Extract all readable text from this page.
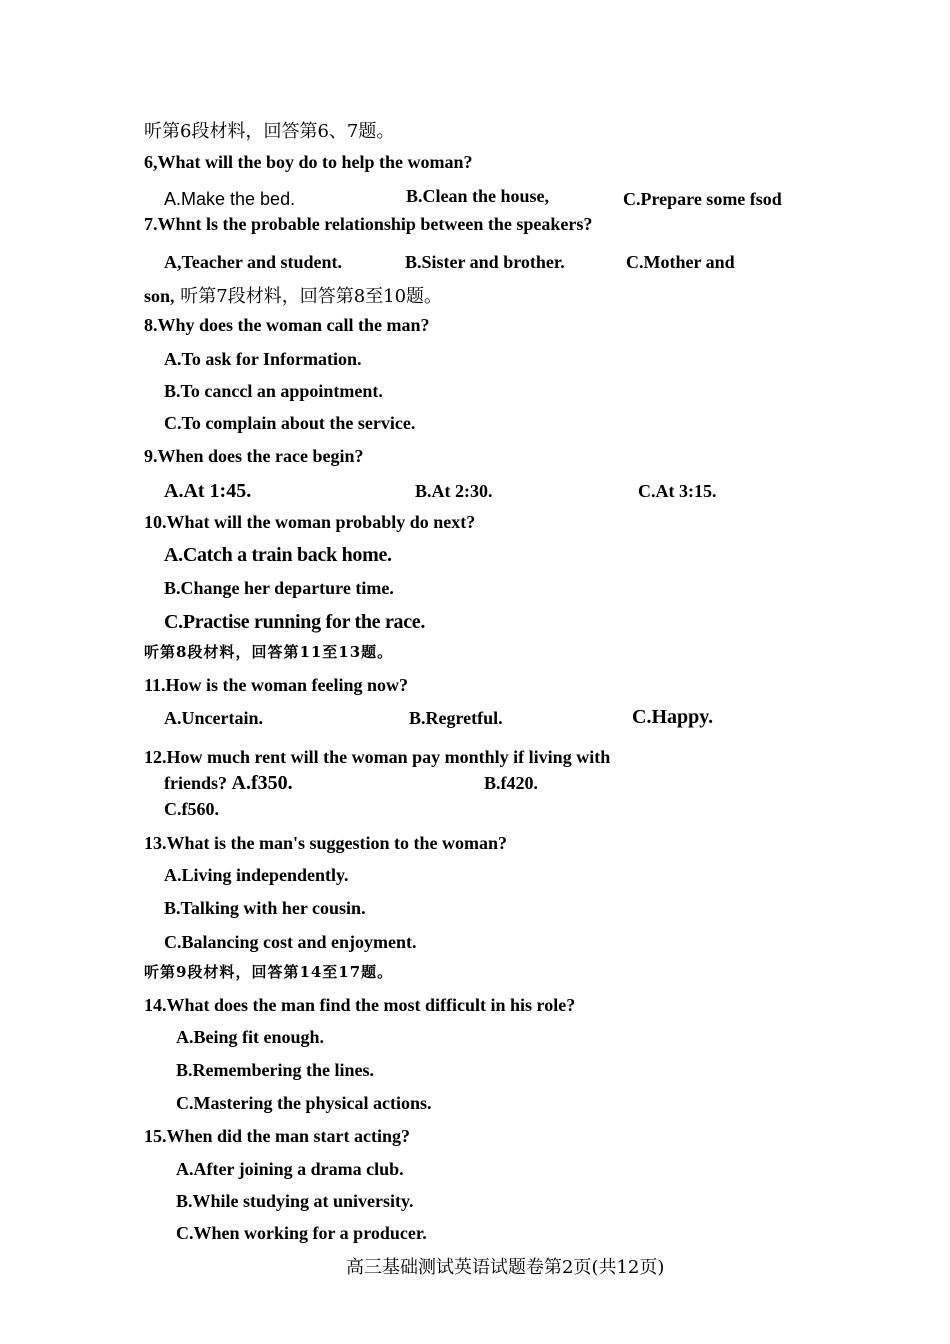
听第6段材料，回答第6、7题。
6,What will the boy do to help the woman?
A.Make the bed.	B.Clean the house,	C.Prepare some fsod
7.Whnt ls the probable relationship between the speakers?
A,Teacher and student.	B.Sister and brother.	C.Mother and
son, 听第7段材料，回答第8至10题。
8.Why does the woman call the man?
A.To ask for Information.
B.To canccl an appointment.
C.To complain about the service.
9.When does the race begin?
A.At 1:45.	B.At 2:30.	C.At 3:15.
10.What will the woman probably do next?
A.Catch a train back home.
B.Change her departure time.
C.Practise running for the race.
听第8段材料，回答第11至13题。
11.How is the woman feeling now?
A.Uncertain.	B.Regretful.	C.Happy.
12.How much rent will the woman pay monthly if living with
friends? A.f350.	B.f420.
C.f560.
13.What is the man's suggestion to the woman?
A.Living independently.
B.Talking with her cousin.
C.Balancing cost and enjoyment.
听第9段材料，回答第14至17题。
14.What does the man find the most difficult in his role?
A.Being fit enough.
B.Remembering the lines.
C.Mastering the physical actions.
15.When did the man start acting?
A.After joining a drama club.
B.While studying at university.
C.When working for a producer.
高三基础测试英语试题卷第2页(共12页)
